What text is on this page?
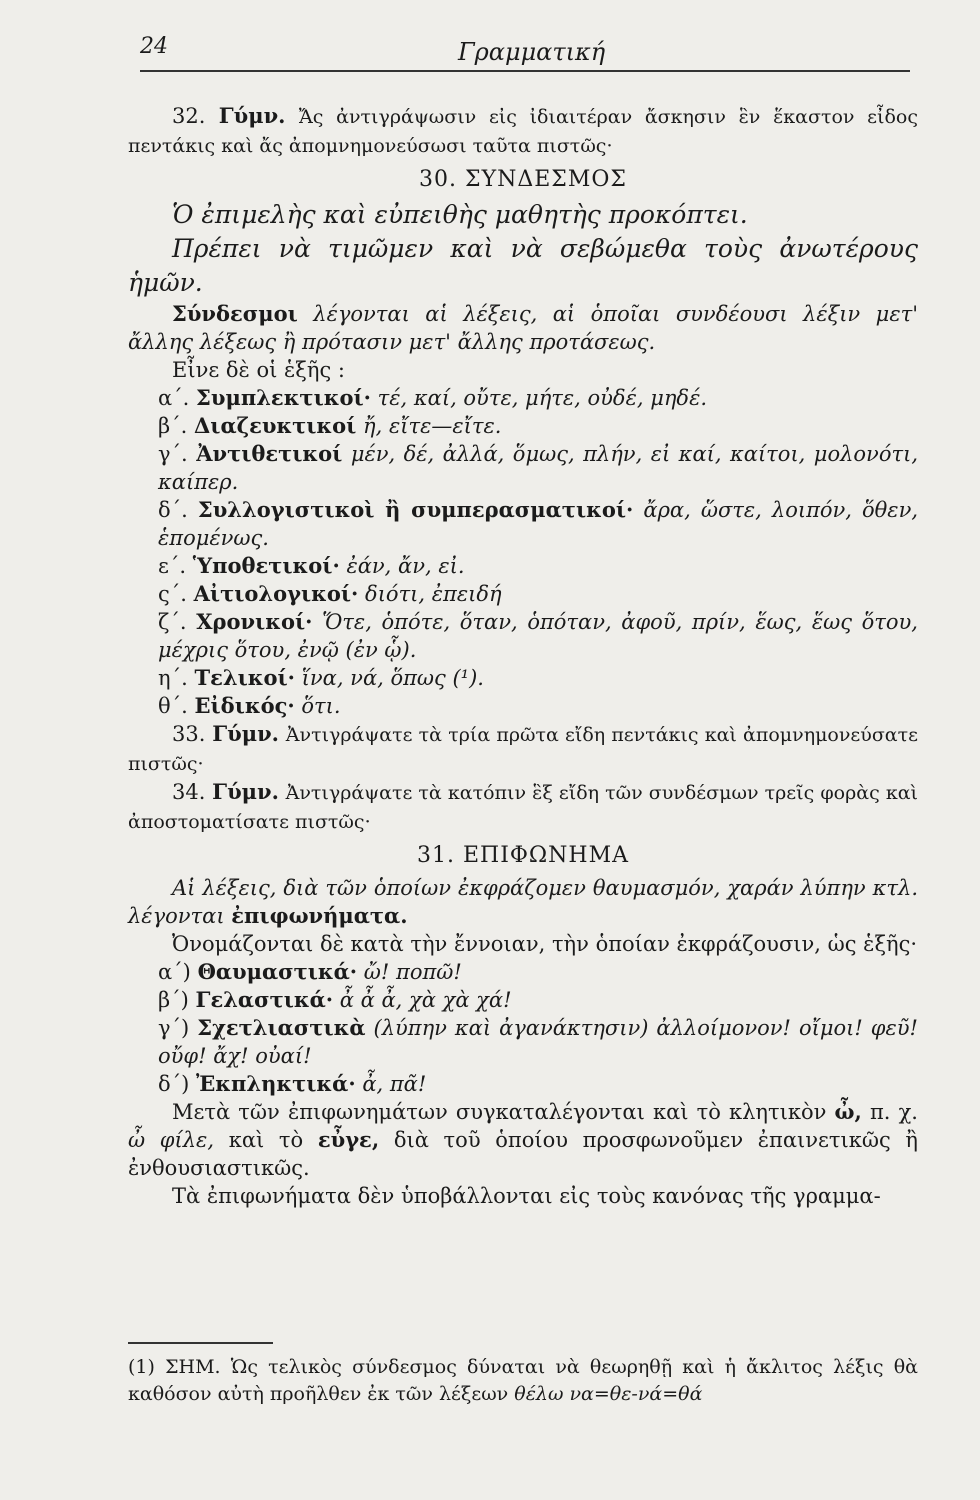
24	Γραμματική

32. Γύμν. Ἄς ἀντιγράψωσιν εἰς ἰδιαιτέραν ἄσκησιν ἓν ἕκαστον εἶδος πεντάκις καὶ ἄς ἀπομνημονεύσωσι ταῦτα πιστῶς·

30. ΣΥΝΔΕΣΜΟΣ

Ὁ ἐπιμελὴς καὶ εὐπειθὴς μαθητὴς προκόπτει.

Πρέπει νὰ τιμῶμεν καὶ νὰ σεβώμεθα τοὺς ἀνωτέρους ἡμῶν.

Σύνδεσμοι λέγονται αἱ λέξεις, αἱ ὁποῖαι συνδέουσι λέξιν μετ' ἄλλης λέξεως ἢ πρότασιν μετ' ἄλλης προτάσεως.

Εἶνε δὲ οἱ ἑξῆς :

α΄. Συμπλεκτικοί· τέ, καί, οὔτε, μήτε, οὐδέ, μηδέ.

β΄. Διαζευκτικοί ἤ, εἴτε—εἴτε.

γ΄. Ἀντιθετικοί μέν, δέ, ἀλλά, ὅμως, πλήν, εἰ καί, καίτοι, μολονότι, καίπερ.

δ΄. Συλλογιστικοὶ ἢ συμπερασματικοί· ἄρα, ὥστε, λοιπόν, ὅθεν, ἑπομένως.

ε΄. Ὑποθετικοί· ἐάν, ἄν, εἰ.

ς΄. Αἰτιολογικοί· διότι, ἐπειδή

ζ΄. Χρονικοί· Ὅτε, ὁπότε, ὅταν, ὁπόταν, ἀφοῦ, πρίν, ἕως, ἕως ὅτου, μέχρις ὅτου, ἐνῷ (ἐν ᾧ).

η΄. Τελικοί· ἵνα, νά, ὅπως (¹).

θ΄. Εἰδικός· ὅτι.

33. Γύμν. Ἀντιγράψατε τὰ τρία πρῶτα εἴδη πεντάκις καὶ ἀπομνημονεύσατε πιστῶς·

34. Γύμν. Ἀντιγράψατε τὰ κατόπιν ἓξ εἴδη τῶν συνδέσμων τρεῖς φορὰς καὶ ἀποστοματίσατε πιστῶς·

31. ΕΠΙΦΩΝΗΜΑ

Αἱ λέξεις, διὰ τῶν ὁποίων ἐκφράζομεν θαυμασμόν, χαράν λύπην κτλ. λέγονται ἐπιφωνήματα.

Ὀνομάζονται δὲ κατὰ τὴν ἔννοιαν, τὴν ὁποίαν ἐκφράζουσιν, ὡς ἑξῆς·

α΄) Θαυμαστικά· ὤ! ποπῶ!

β΄) Γελαστικά· ἆ ἆ ἆ, χὰ χὰ χά!

γ΄) Σχετλιαστικὰ (λύπην καὶ ἀγανάκτησιν) ἀλλοίμονον! οἴμοι! φεῦ! οὔφ! ἄχ! οὐαί!

δ΄) Ἐκπληκτικά· ἆ, πᾶ!

Μετὰ τῶν ἐπιφωνημάτων συγκαταλέγονται καὶ τὸ κλητικὸν ὦ, π. χ. ὦ φίλε, καὶ τὸ εὖγε, διὰ τοῦ ὁποίου προσφωνοῦμεν ἐπαινετικῶς ἢ ἐνθουσιαστικῶς.

Τὰ ἐπιφωνήματα δὲν ὑποβάλλονται εἰς τοὺς κανόνας τῆς γραμμα-

(1) ΣΗΜ. Ὡς τελικὸς σύνδεσμος δύναται νὰ θεωρηθῇ καὶ ἡ ἄκλιτος λέξις θὰ καθόσον αὐτὴ προῆλθεν ἐκ τῶν λέξεων θέλω να=θε-νά=θά
